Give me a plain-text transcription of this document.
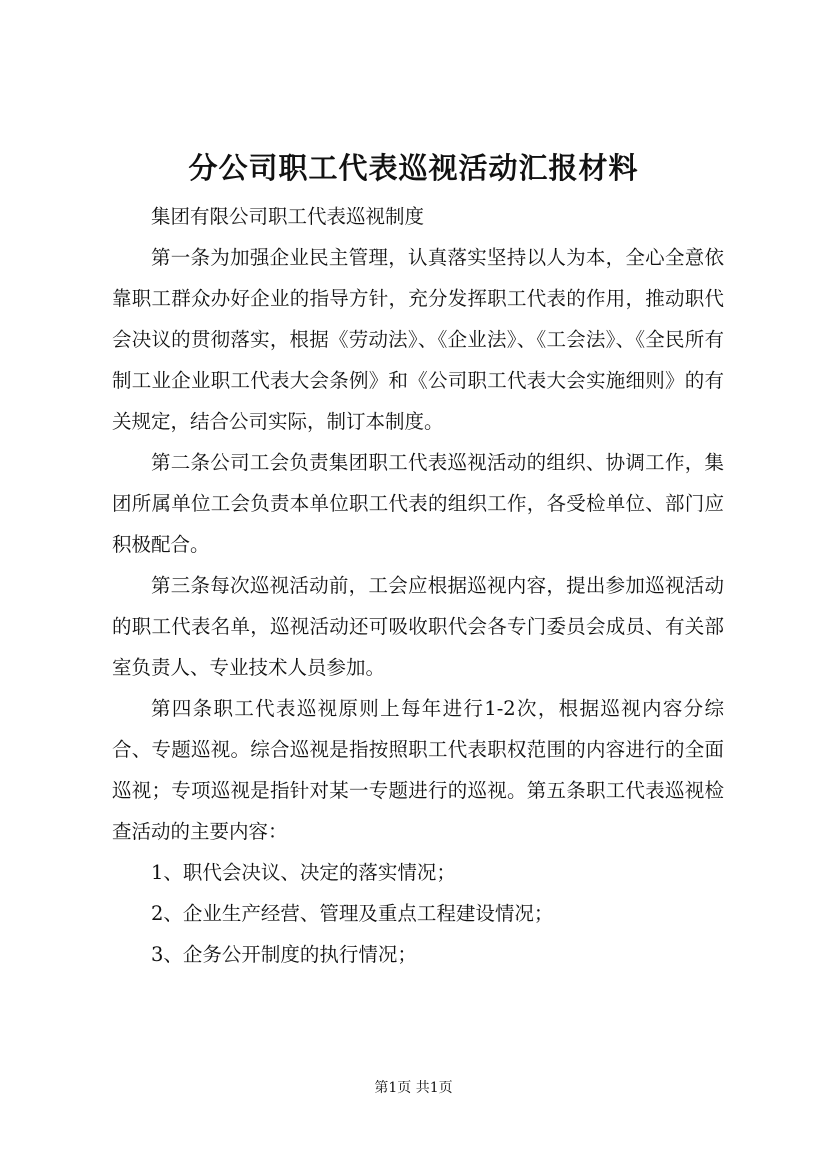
分公司职工代表巡视活动汇报材料

集团有限公司职工代表巡视制度

第一条为加强企业民主管理，认真落实坚持以人为本，全心全意依靠职工群众办好企业的指导方针，充分发挥职工代表的作用，推动职代会决议的贯彻落实，根据《劳动法》、《企业法》、《工会法》、《全民所有制工业企业职工代表大会条例》和《公司职工代表大会实施细则》的有关规定，结合公司实际，制订本制度。

第二条公司工会负责集团职工代表巡视活动的组织、协调工作，集团所属单位工会负责本单位职工代表的组织工作，各受检单位、部门应积极配合。

第三条每次巡视活动前，工会应根据巡视内容，提出参加巡视活动的职工代表名单，巡视活动还可吸收职代会各专门委员会成员、有关部室负责人、专业技术人员参加。

第四条职工代表巡视原则上每年进行1-2次，根据巡视内容分综合、专题巡视。综合巡视是指按照职工代表职权范围的内容进行的全面巡视；专项巡视是指针对某一专题进行的巡视。第五条职工代表巡视检查活动的主要内容：

1、职代会决议、决定的落实情况；

2、企业生产经营、管理及重点工程建设情况；

3、企务公开制度的执行情况；

第1页 共1页
